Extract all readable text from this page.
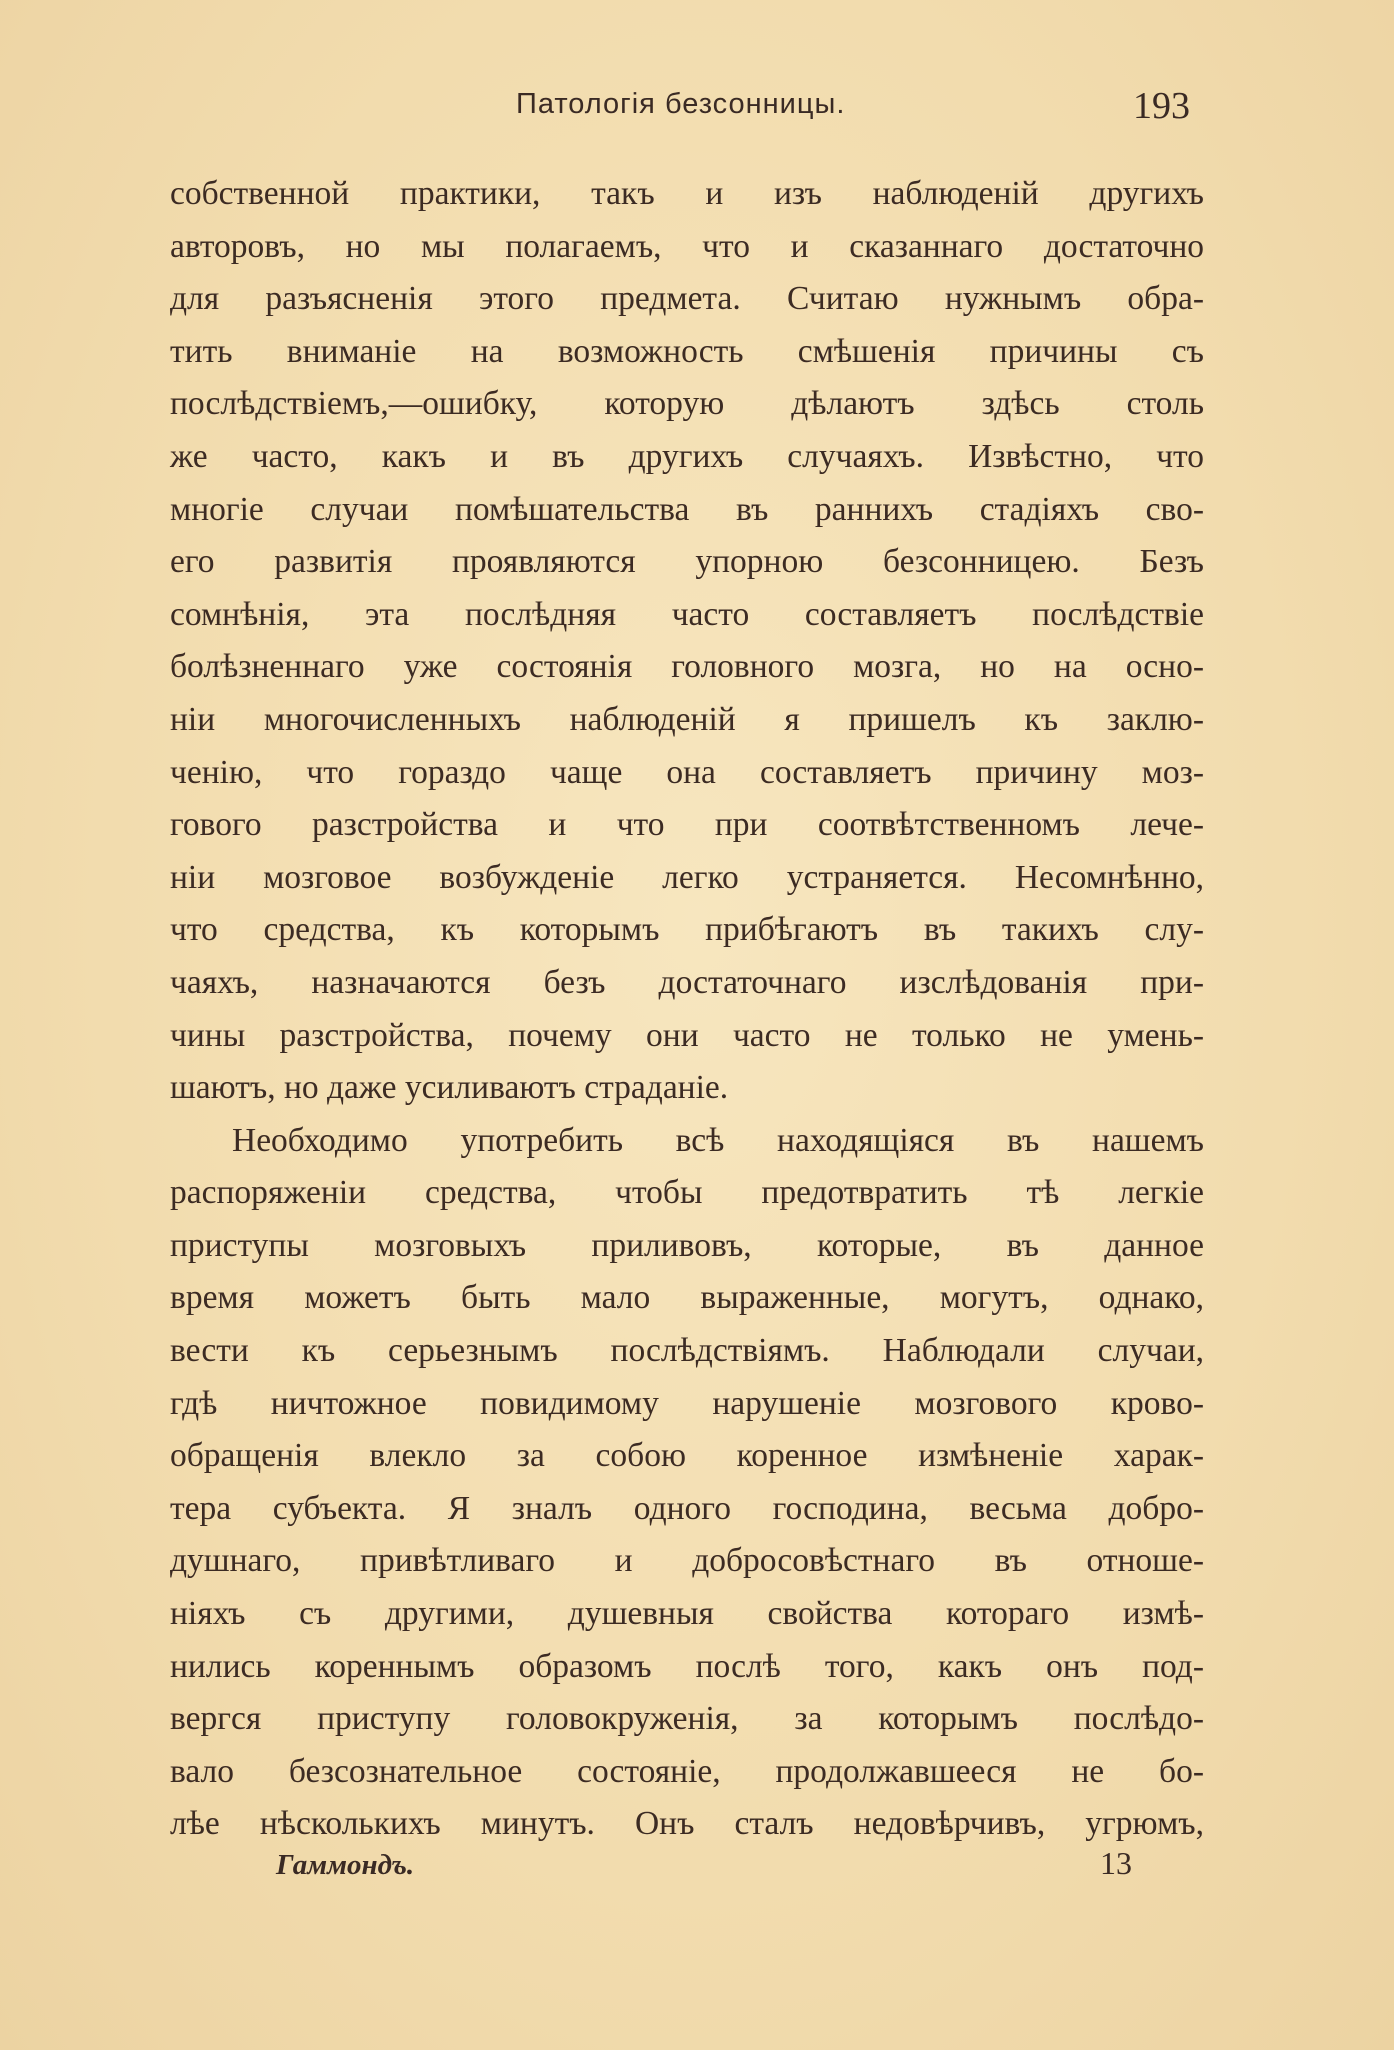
Патологія безсонницы.	193
собственной практики, такъ и изъ наблюденій другихъ
авторовъ, но мы полагаемъ, что и сказаннаго достаточно
для разъясненія этого предмета. Считаю нужнымъ обра-
тить вниманіе на возможность смѣшенія причины съ
послѣдствіемъ,—ошибку, которую дѣлаютъ здѣсь столь
же часто, какъ и въ другихъ случаяхъ. Извѣстно, что
многіе случаи помѣшательства въ раннихъ стадіяхъ сво-
его развитія проявляются упорною безсонницею. Безъ
сомнѣнія, эта послѣдняя часто составляетъ послѣдствіе
болѣзненнаго уже состоянія головного мозга, но на осно-
ніи многочисленныхъ наблюденій я пришелъ къ заклю-
ченію, что гораздо чаще она составляетъ причину моз-
гового разстройства и что при соотвѣтственномъ лече-
ніи мозговое возбужденіе легко устраняется. Несомнѣнно,
что средства, къ которымъ прибѣгаютъ въ такихъ слу-
чаяхъ, назначаются безъ достаточнаго изслѣдованія при-
чины разстройства, почему они часто не только не умень-
шаютъ, но даже усиливаютъ страданіе.
Необходимо употребить всѣ находящіяся въ нашемъ
распоряженіи средства, чтобы предотвратить тѣ легкіе
приступы мозговыхъ приливовъ, которые, въ данное
время можетъ быть мало выраженные, могутъ, однако,
вести къ серьезнымъ послѣдствіямъ. Наблюдали случаи,
гдѣ ничтожное повидимому нарушеніе мозгового крово-
обращенія влекло за собою коренное измѣненіе харак-
тера субъекта. Я зналъ одного господина, весьма добро-
душнаго, привѣтливаго и добросовѣстнаго въ отноше-
ніяхъ съ другими, душевныя свойства котораго измѣ-
нились кореннымъ образомъ послѣ того, какъ онъ под-
вергся приступу головокруженія, за которымъ послѣдо-
вало безсознательное состояніе, продолжавшееся не бо-
лѣе нѣсколькихъ минутъ. Онъ сталъ недовѣрчивъ, угрюмъ,
Гаммондъ.	13
